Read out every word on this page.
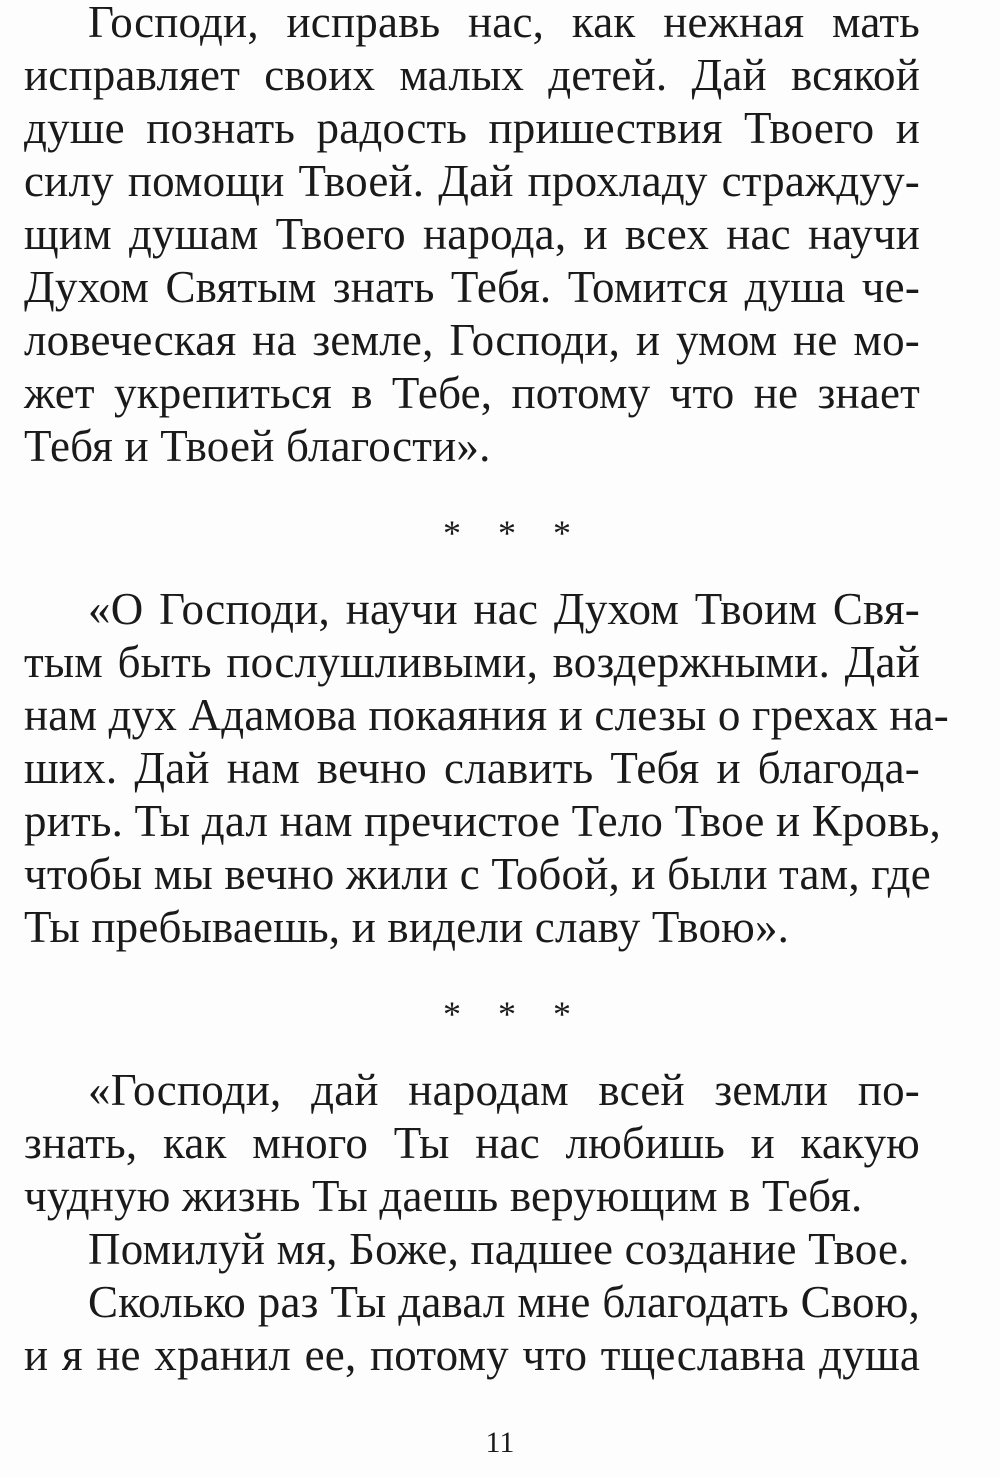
Господи, исправь нас, как нежная мать
исправляет своих малых детей. Дай всякой
душе познать радость пришествия Твоего и
силу помощи Твоей. Дай прохладу страждуу-
щим душам Твоего народа, и всех нас научи
Духом Святым знать Тебя. Томится душа че-
ловеческая на земле, Господи, и умом не мо-
жет укрепиться в Тебе, потому что не знает
Тебя и Твоей благости».
* * *
«О Господи, научи нас Духом Твоим Свя-
тым быть послушливыми, воздержными. Дай
нам дух Адамова покаяния и слезы о грехах на-
ших. Дай нам вечно славить Тебя и благода-
рить. Ты дал нам пречистое Тело Твое и Кровь,
чтобы мы вечно жили с Тобой, и были там, где
Ты пребываешь, и видели славу Твою».
* * *
«Господи, дай народам всей земли по-
знать, как много Ты нас любишь и какую
чудную жизнь Ты даешь верующим в Тебя.
Помилуй мя, Боже, падшее создание Твое.
Сколько раз Ты давал мне благодать Свою,
и я не хранил ее, потому что тщеславна душа
11
